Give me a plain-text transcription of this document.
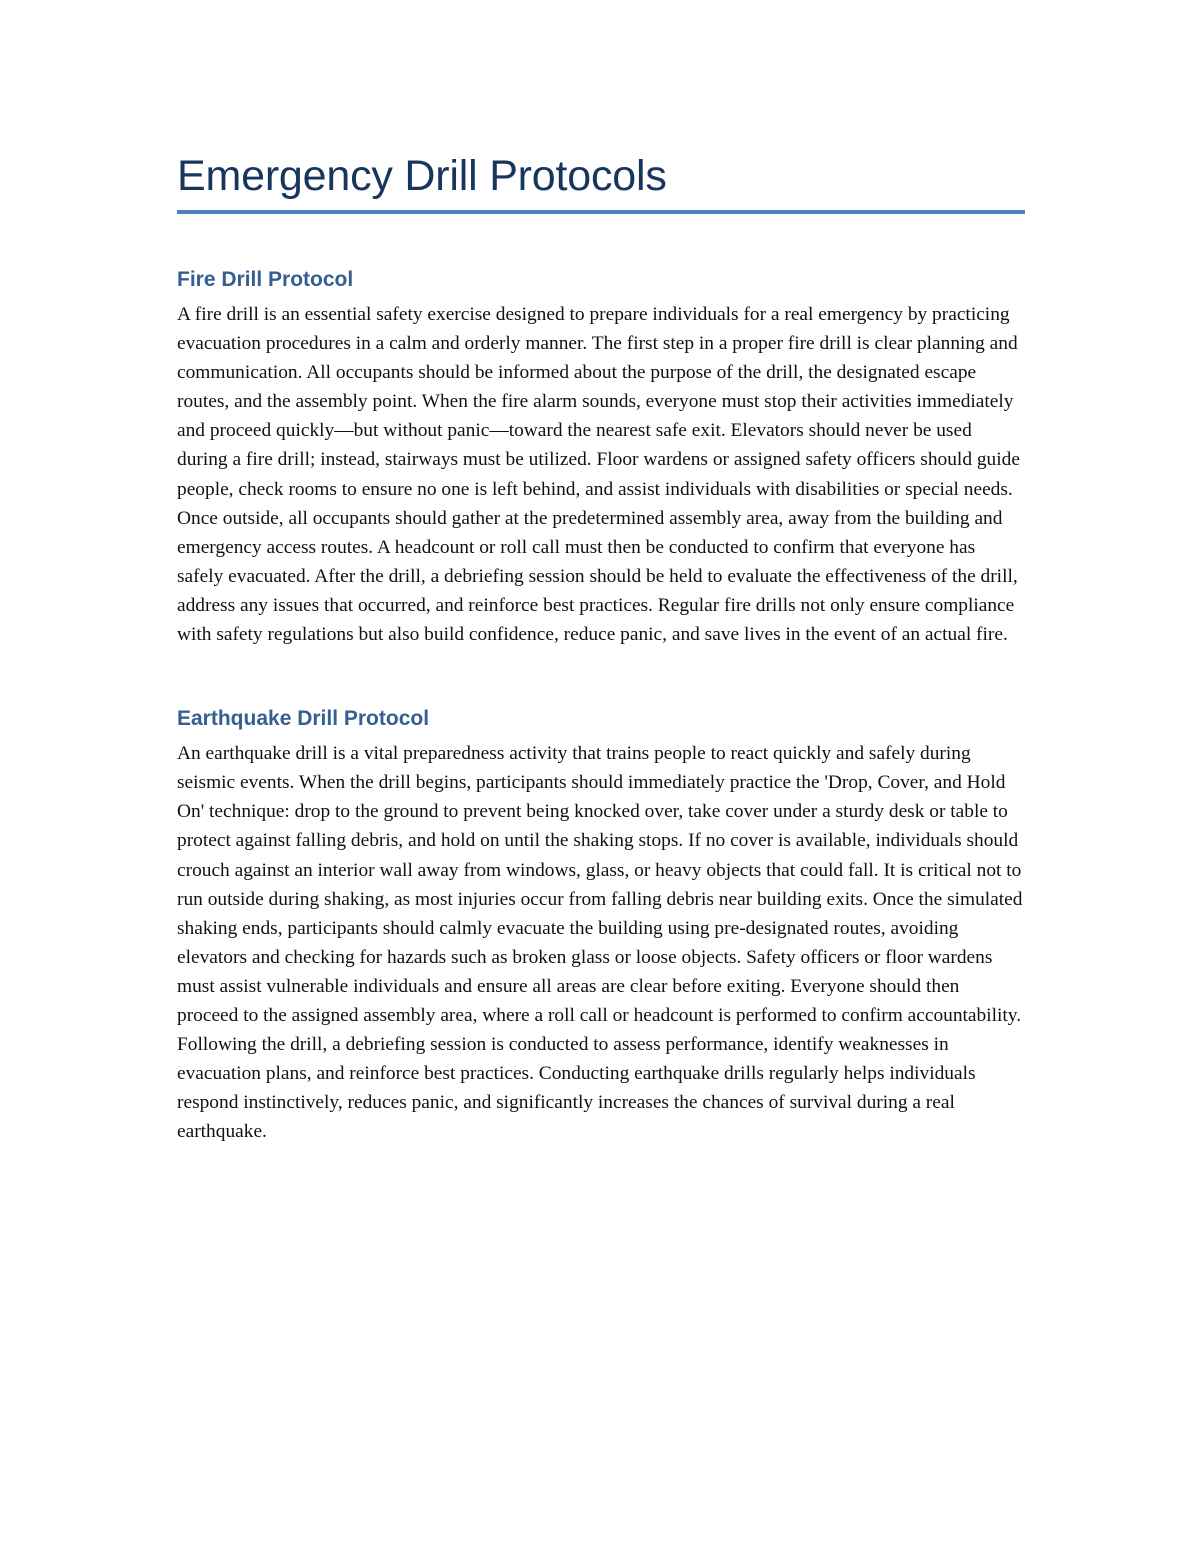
Emergency Drill Protocols
Fire Drill Protocol

A fire drill is an essential safety exercise designed to prepare individuals for a real emergency by practicing evacuation procedures in a calm and orderly manner. The first step in a proper fire drill is clear planning and communication. All occupants should be informed about the purpose of the drill, the designated escape routes, and the assembly point. When the fire alarm sounds, everyone must stop their activities immediately and proceed quickly—but without panic—toward the nearest safe exit. Elevators should never be used during a fire drill; instead, stairways must be utilized. Floor wardens or assigned safety officers should guide people, check rooms to ensure no one is left behind, and assist individuals with disabilities or special needs. Once outside, all occupants should gather at the predetermined assembly area, away from the building and emergency access routes. A headcount or roll call must then be conducted to confirm that everyone has safely evacuated. After the drill, a debriefing session should be held to evaluate the effectiveness of the drill, address any issues that occurred, and reinforce best practices. Regular fire drills not only ensure compliance with safety regulations but also build confidence, reduce panic, and save lives in the event of an actual fire.

Earthquake Drill Protocol

An earthquake drill is a vital preparedness activity that trains people to react quickly and safely during seismic events. When the drill begins, participants should immediately practice the 'Drop, Cover, and Hold On' technique: drop to the ground to prevent being knocked over, take cover under a sturdy desk or table to protect against falling debris, and hold on until the shaking stops. If no cover is available, individuals should crouch against an interior wall away from windows, glass, or heavy objects that could fall. It is critical not to run outside during shaking, as most injuries occur from falling debris near building exits. Once the simulated shaking ends, participants should calmly evacuate the building using pre-designated routes, avoiding elevators and checking for hazards such as broken glass or loose objects. Safety officers or floor wardens must assist vulnerable individuals and ensure all areas are clear before exiting. Everyone should then proceed to the assigned assembly area, where a roll call or headcount is performed to confirm accountability. Following the drill, a debriefing session is conducted to assess performance, identify weaknesses in evacuation plans, and reinforce best practices. Conducting earthquake drills regularly helps individuals respond instinctively, reduces panic, and significantly increases the chances of survival during a real earthquake.
